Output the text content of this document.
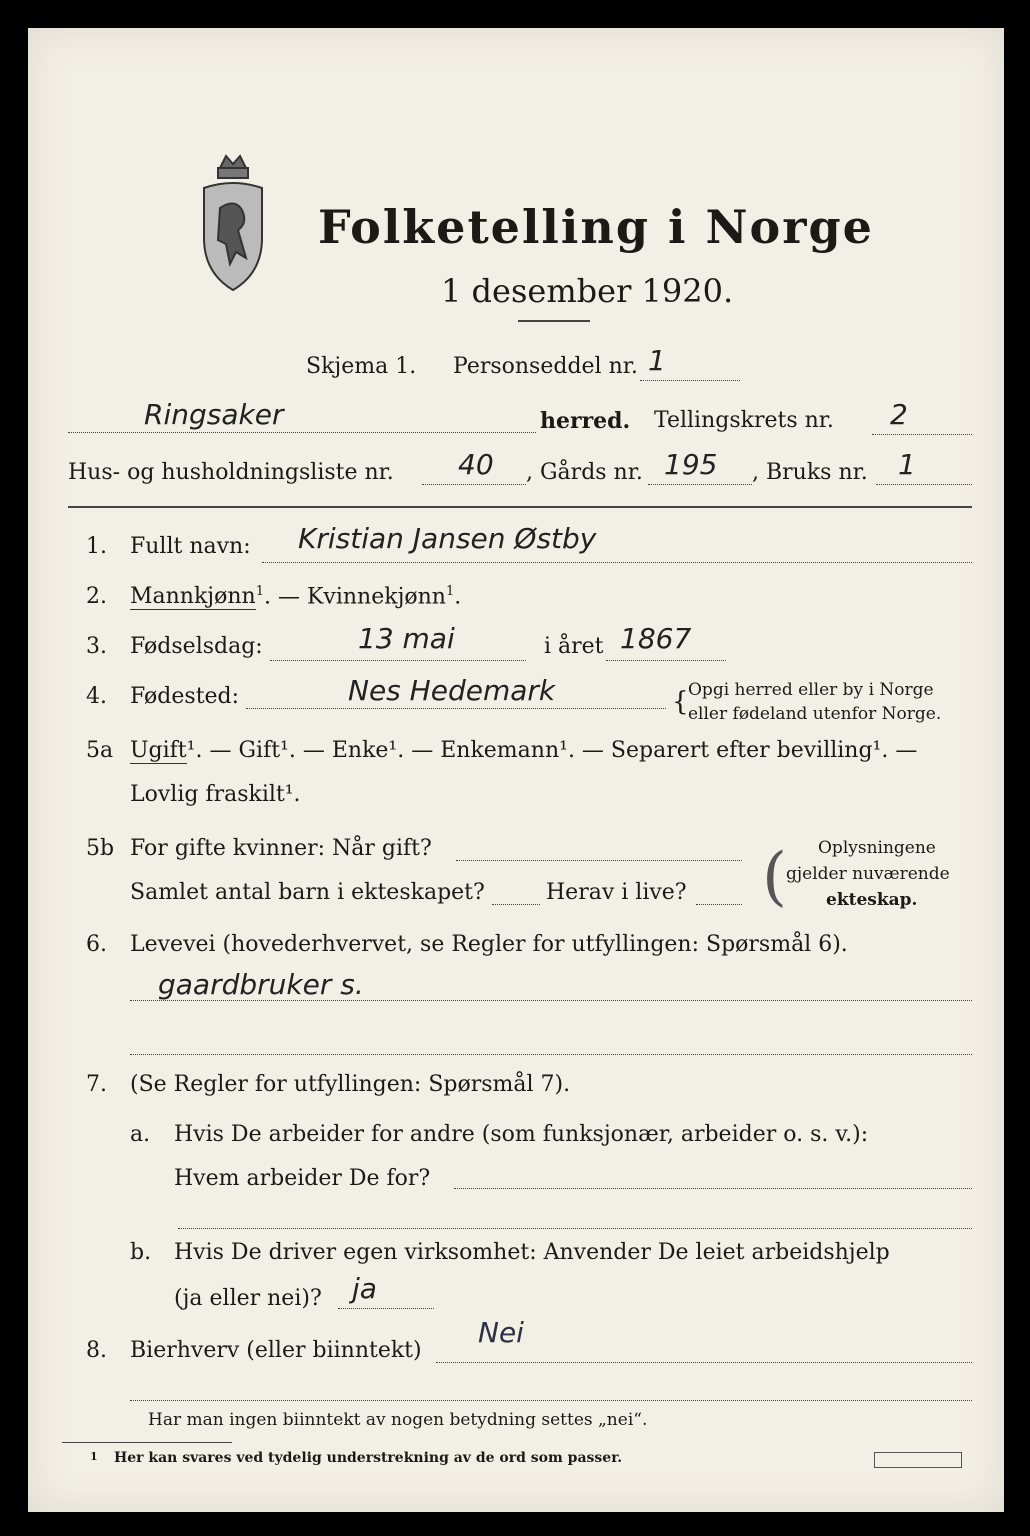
Folketelling i Norge
1 desember 1920.
Skjema 1. Personseddel nr. 1
Ringsaker	herred. Tellingskrets nr. 2
Hus- og husholdningsliste nr. 40 , Gårds nr. 195 , Bruks nr. 1
1. Fullt navn: Kristian Jansen Østby
2. Mannkjønn$^1$. — Kvinnekjønn$^1$.
3. Fødselsdag:	13 mai	i året 1867
4. Fødested:	Nes Hedemark	{ Opgi herred eller by i Norge
eller fødeland utenfor Norge.
5a Ugift¹. — Gift¹. — Enke¹. — Enkemann¹. — Separert efter bevilling¹. —
Lovlig fraskilt¹.
5b For gifte kvinner: Når gift?
Samlet antal barn i ekteskapet?	Herav i live? ( Oplysningene
gjelder nuværende
ekteskap.
6. Levevei (hovederhvervet, se Regler for utfyllingen: Spørsmål 6).
gaardbruker s.
7. (Se Regler for utfyllingen: Spørsmål 7).
a. Hvis De arbeider for andre (som funksjonær, arbeider o. s. v.):
Hvem arbeider De for?
b. Hvis De driver egen virksomhet: Anvender De leiet arbeidshjelp
(ja eller nei)? ja
8. Bierhverv (eller biinntekt)
Nei
Har man ingen biinntekt av nogen betydning settes „nei“.
1 Her kan svares ved tydelig understrekning av de ord som passer.
